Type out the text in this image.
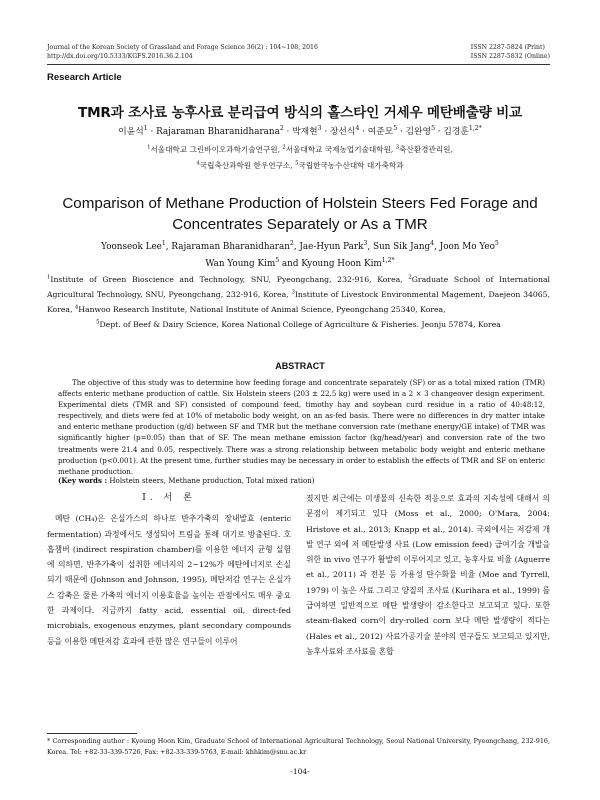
Journal of the Korean Society of Grassland and Forage Science 36(2) : 104~108, 2016
http://dx.doi.org/10.5333/KGFS.2016.36.2.104
ISSN 2287-5824 (Print)
ISSN 2287-5832 (Online)
Research Article
TMR과 조사료 농후사료 분리급여 방식의 홀스타인 거세우 메탄배출량 비교
이윤석$^1$ · Rajaraman Bharanidharana$^2$ · 박재현$^3$ · 장선식$^4$ · 여준모$^5$ · 김완영$^5$ · 김경훈$^{1,2*}$
$^1$서울대학교 그린바이오과학기술연구원, $^2$서울대학교 국제농업기술대학원, $^3$축산환경관리원,
$^4$국립축산과학원 한우연구소, $^5$국립한국농수산대학 대가축학과
Comparison of Methane Production of Holstein Steers Fed Forage and
Concentrates Separately or As a TMR
Yoonseok Lee$^1$, Rajaraman Bharanidharan$^2$, Jae-Hyun Park$^3$, Sun Sik Jang$^4$, Joon Mo Yeo$^5$
Wan Young Kim$^5$ and Kyoung Hoon Kim$^{1,2*}$

$^1$Institute of Green Bioscience and Technology, SNU, Pyeongchang, 232-916, Korea, $^2$Graduate School of International Agricultural Technology, SNU, Pyeongchang, 232-916, Korea, $^3$Institute of Livestock Environmental Magement, Daejeon 34065, Korea, $^4$Hanwoo Research Institute, National Institute of Animal Science, Pyeongchang 25340, Korea,

$^5$Dept. of Beef & Dairy Science, Korea National College of Agriculture & Fisheries. Jeonju 57874, Korea

ABSTRACT
The objective of this study was to determine how feeding forage and concentrate separately (SF) or as a total mixed ration (TMR) affects enteric methane production of cattle. Six Holstein steers (203 ± 22.5 kg) were used in a 2 × 3 changeover design experiment. Experimental diets (TMR and SF) consisted of compound feed, timothy hay and soybean curd residue in a ratio of 40:48:12, respectively, and diets were fed at 10% of metabolic body weight, on an as-fed basis. There were no differences in dry matter intake and enteric methane production (g/d) between SF and TMR but the methane conversion rate (methane energy/GE intake) of TMR was significantly higher (p=0.05) than that of SF. The mean methane emission factor (kg/head/year) and conversion rate of the two treatments were 21.4 and 0.05, respectively. There was a strong relationship between metabolic body weight and enteric methane production (p<0.001). At the present time, further studies may be necessary in order to establish the effects of TMR and SF on enteric methane production.
(Key words : Holstein steers, Methane production, Total mixed ration)

Ⅰ. 서 론

메탄 (CH₄)은 온실가스의 하나로 반추가축의 장내발효 (enteric fermentation) 과정에서도 생성되어 트림을 통해 대기로 방출된다. 호흡챔버 (indirect respiration chamber)를 이용한 에너지 균형 실험에 의하면, 반추가축이 섭취한 에너지의 2~12%가 메탄에너지로 손실되기 때문에 (Johnson and Johnson, 1995), 메탄저감 연구는 온실가스 감축은 물론 가축의 에너지 이용효율을 높이는 관점에서도 매우 중요한 과제이다. 지금까지 fatty acid, essential oil, direct-fed microbials, exogenous enzymes, plant secondary compounds 등을 이용한 메탄저감 효과에 관한 많은 연구들이 이루어

졌지만 최근에는 미생물의 신속한 적응으로 효과의 지속성에 대해서 의문점이 제기되고 있다 (Moss et al., 2000; O'Mara, 2004; Hristove et al., 2013; Knapp et al., 2014). 국외에서는 저감제 개발 연구 외에 저 메탄발생 사료 (Low emission feed) 급여기술 개발을 위한 in vivo 연구가 활발히 이루어지고 있고, 농후사료 비율 (Aguerre et al., 2011) 과 전분 등 가용성 탄수화물 비율 (Moe and Tyrrell, 1979) 이 높은 사료 그리고 양질의 조사료 (Kurihara et al., 1999) 를 급여하면 일반적으로 메탄 발생량이 감소한다고 보고되고 있다. 또한 steam-flaked corn이 dry-rolled corn 보다 메탄 발생량이 적다는 (Hales et al., 2012) 사료가공기술 분야의 연구들도 보고되고 있지만, 농후사료와 조사료를 혼합

* Corresponding author : Kyoung Hoon Kim, Graduate School of International Agricultural Technology, Seoul National University, Pyeongchang, 232-916, Korea. Tel: +82-33-339-5726, Fax: +82-33-339-5763, E-mail: khhkim@snu.ac.kr
-104-
